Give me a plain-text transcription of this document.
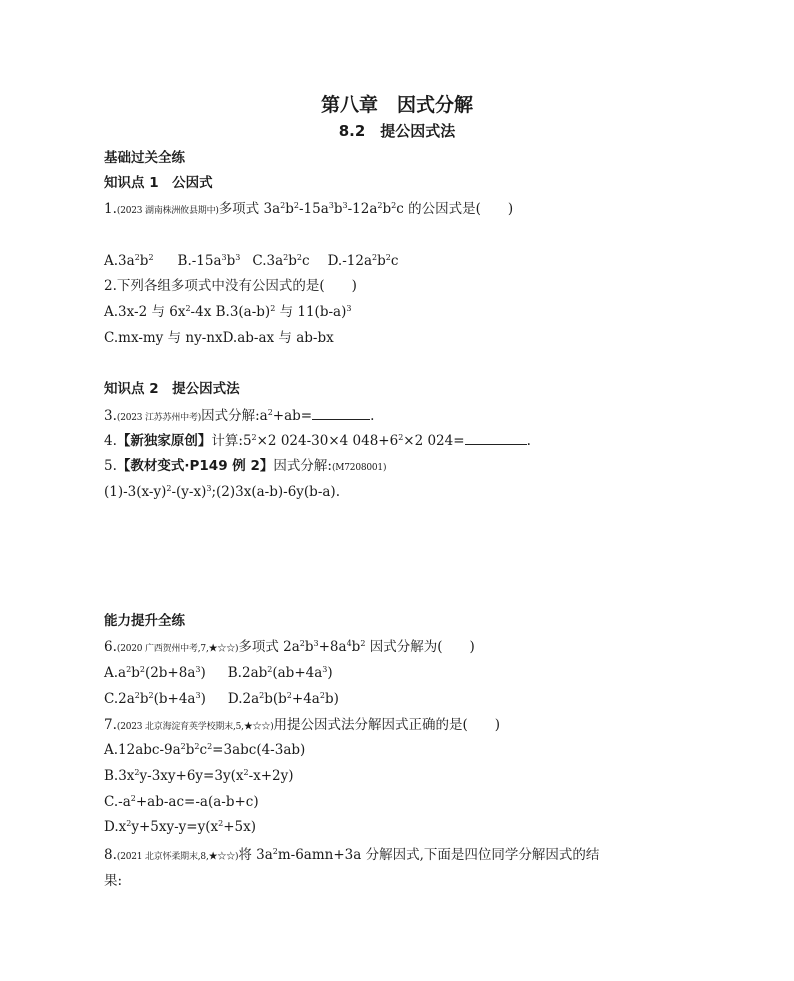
第八章　因式分解
8.2　提公因式法
基础过关全练
知识点 1　公因式
1.(2023 湖南株洲攸县期中)多项式 $3a^2b^2-15a^3b^3-12a^2b^2c$ 的公因式是(　　)
$A.3a^2b^2$ $B.-15a^3b^3$ $C.3a^2b^2c$ $D.-12a^2b^2c$
2.下列各组多项式中没有公因式的是(　　)
A.3x-2 与 $6x^2-4x$ $B.3(a-b)^2$ 与 $11(b-a)^3$
C.mx-my 与 ny-nxD.ab-ax 与 ab-bx
知识点 2　提公因式法
3.(2023 江苏苏州中考)因式分解$:a^2+ab=$	.
4.【新独家原创】计算$:5^2\times 2$ 024-30×4 $048+6^2\times 2$ 024=	.
5.【教材变式·P149 例 2】因式分解:(M7208001)
$(1)-3(x-y)^2-(y-x)^3;(2)3x(a-b)-6y(b-a)$.
能力提升全练
6.(2020 广西贺州中考,7,★☆☆)多项式 $2a^2b^3+8a^4b^2$ 因式分解为(　　)
$A.a^2b^2(2b+8a^3)$ $B.2ab^2(ab+4a^3)$
$C.2a^2b^2(b+4a^3)$ $D.2a^2b(b^2+4a^2b)$
7.(2023 北京海淀育英学校期末,5,★☆☆)用提公因式法分解因式正确的是(　　)
$A.12abc-9a^2b^2c^2=3abc(4-3ab)$
$B.3x^2y-3xy+6y=3y(x^2-x+2y)$
$C.-a^2+ab-ac=-a(a-b+c)$
$D.x^2y+5xy-y=y(x^2+5x)$
8.(2021 北京怀柔期末,8,★☆☆)将 $3a^2m-6amn+3a$ 分解因式,下面是四位同学分解因式的结
果:
